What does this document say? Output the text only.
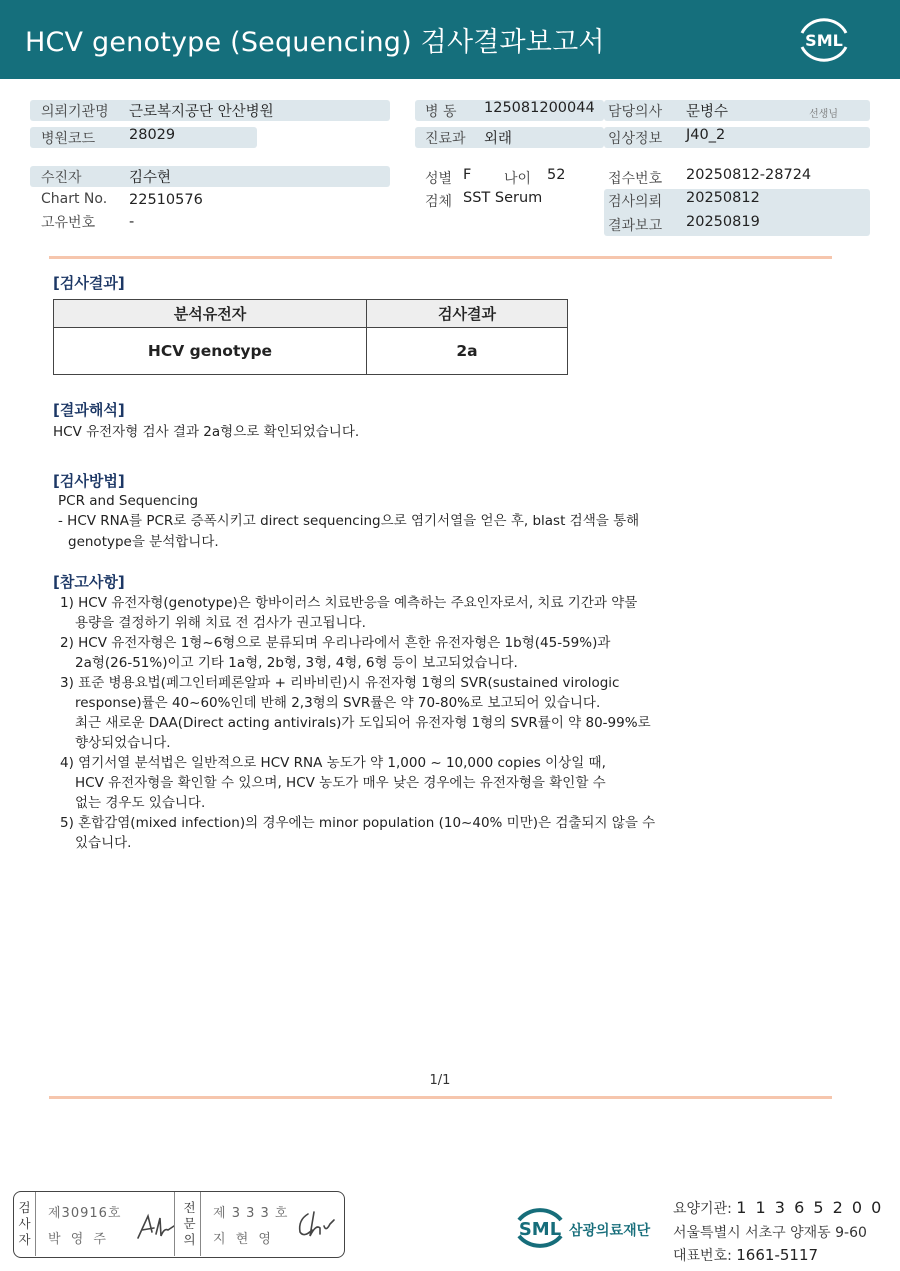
HCV genotype (Sequencing) 검사결과보고서	SML
의뢰기관명 근로복지공단 안산병원
병원코드 28029
병 동 125081200044 담당의사 문병수	선생님
진료과 외래	임상정보 J40_2
수진자	김수현
Chart No. 22510576
고유번호 -
성별 F 나이 52
검체 SST Serum
접수번호 20250812-28724
검사의뢰 20250812
결과보고 20250819
[검사결과]
분석유전자	검사결과
HCV genotype	2a
[결과해석]
HCV 유전자형 검사 결과 2a형으로 확인되었습니다.
[검사방법]
PCR and Sequencing
- HCV RNA를 PCR로 증폭시키고 direct sequencing으로 염기서열을 얻은 후, blast 검색을 통해
genotype을 분석합니다.
[참고사항]
1) HCV 유전자형(genotype)은 항바이러스 치료반응을 예측하는 주요인자로서, 치료 기간과 약물
용량을 결정하기 위해 치료 전 검사가 권고됩니다.
2) HCV 유전자형은 1형~6형으로 분류되며 우리나라에서 흔한 유전자형은 1b형(45-59%)과
2a형(26-51%)이고 기타 1a형, 2b형, 3형, 4형, 6형 등이 보고되었습니다.
3) 표준 병용요법(페그인터페론알파 + 리바비린)시 유전자형 1형의 SVR(sustained virologic
response)률은 40~60%인데 반해 2,3형의 SVR률은 약 70-80%로 보고되어 있습니다.
최근 새로운 DAA(Direct acting antivirals)가 도입되어 유전자형 1형의 SVR률이 약 80-99%로
향상되었습니다.
4) 염기서열 분석법은 일반적으로 HCV RNA 농도가 약 1,000 ~ 10,000 copies 이상일 때,
HCV 유전자형을 확인할 수 있으며, HCV 농도가 매우 낮은 경우에는 유전자형을 확인할 수
없는 경우도 있습니다.
5) 혼합감염(mixed infection)의 경우에는 minor population (10~40% 미만)은 검출되지 않을 수
있습니다.
1/1
검
사
자
제30916호
박 영 주
전
문
의
제 3 3 3 호
지 현 영	SML 삼광의료재단
요양기관: 1 1 3 6 5 2 0 0
서울특별시 서초구 양재동 9-60
대표번호: 1661-5117
